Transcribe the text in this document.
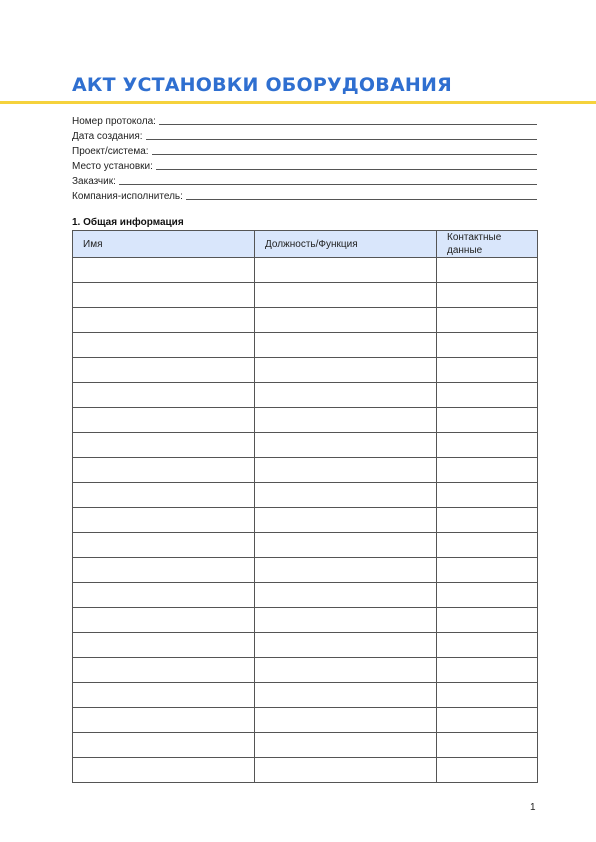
АКТ УСТАНОВКИ ОБОРУДОВАНИЯ
Номер протокола:
Дата создания:
Проект/система:
Место установки:
Заказчик:
Компания-исполнитель:
1. Общая информация
Имя	Должность/Функция	Контактные данные

1
